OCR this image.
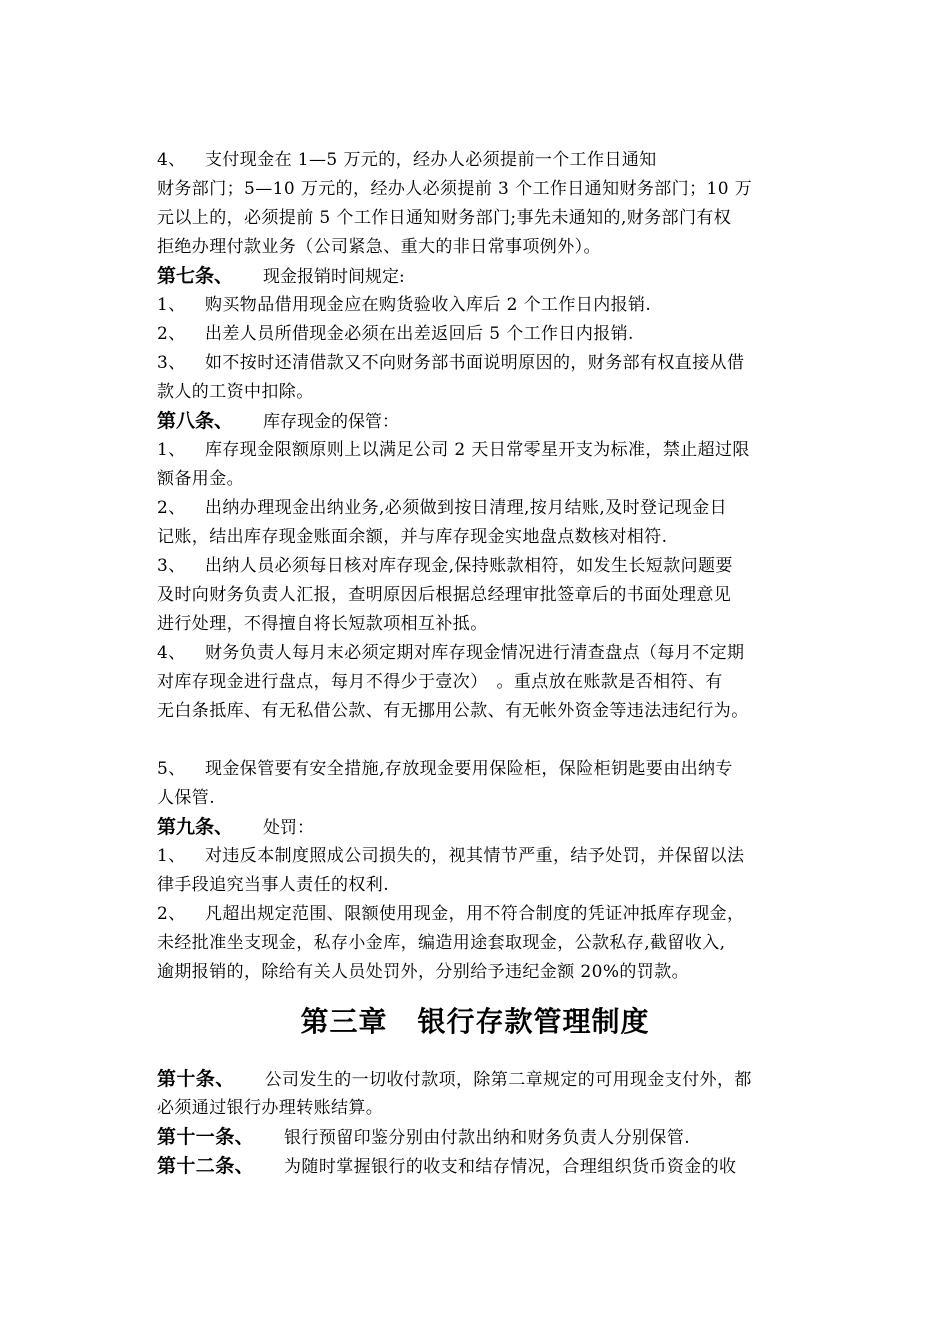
4、 支付现金在 1—5 万元的，经办人必须提前一个工作日通知
财务部门；5—10 万元的，经办人必须提前 3 个工作日通知财务部门；10 万
元以上的，必须提前 5 个工作日通知财务部门;事先未通知的,财务部门有权
拒绝办理付款业务（公司紧急、重大的非日常事项例外）。
第七条、 现金报销时间规定:
1、 购买物品借用现金应在购货验收入库后 2 个工作日内报销.
2、 出差人员所借现金必须在出差返回后 5 个工作日内报销.
3、 如不按时还清借款又不向财务部书面说明原因的，财务部有权直接从借
款人的工资中扣除。
第八条、 库存现金的保管：
1、 库存现金限额原则上以满足公司 2 天日常零星开支为标准，禁止超过限
额备用金。
2、 出纳办理现金出纳业务,必须做到按日清理,按月结账,及时登记现金日
记账，结出库存现金账面余额，并与库存现金实地盘点数核对相符.
3、 出纳人员必须每日核对库存现金,保持账款相符，如发生长短款问题要
及时向财务负责人汇报，查明原因后根据总经理审批签章后的书面处理意见
进行处理，不得擅自将长短款项相互补抵。
4、 财务负责人每月末必须定期对库存现金情况进行清查盘点（每月不定期
对库存现金进行盘点，每月不得少于壹次）　。重点放在账款是否相符、有
无白条抵库、有无私借公款、有无挪用公款、有无帐外资金等违法违纪行为。
5、 现金保管要有安全措施,存放现金要用保险柜，保险柜钥匙要由出纳专
人保管.
第九条、 处罚：
1、 对违反本制度照成公司损失的，视其情节严重，结予处罚，并保留以法
律手段追究当事人责任的权利.
2、 凡超出规定范围、限额使用现金，用不符合制度的凭证冲抵库存现金，
未经批准坐支现金，私存小金库，编造用途套取现金，公款私存,截留收入,
逾期报销的，除给有关人员处罚外，分别给予违纪金额 20%的罚款。
第三章 银行存款管理制度
第十条、 公司发生的一切收付款项，除第二章规定的可用现金支付外，都
必须通过银行办理转账结算。
第十一条、 银行预留印鉴分别由付款出纳和财务负责人分别保管.
第十二条、 为随时掌握银行的收支和结存情况，合理组织货币资金的收
